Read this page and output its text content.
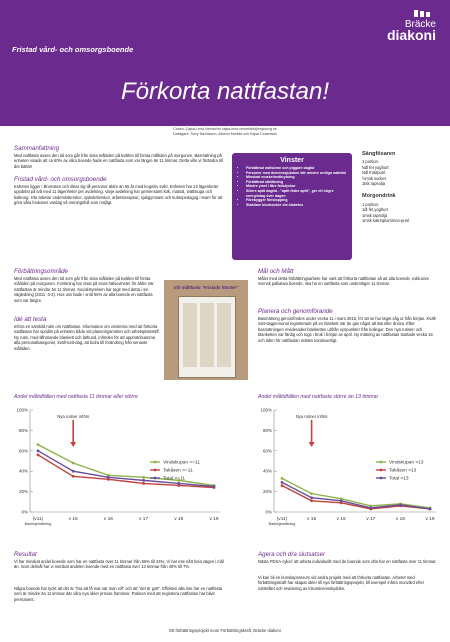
Fristad vård- och omsorgsboende
Förkorta nattfastan!
Bräcke
diakoni
Coach: Cajsa-Lena Verneklint cajsa-lena.verneklint@regionvg.se
Deltagare: Tolvy Davidsson, Alberto Marklia och Kajsa Cesarssek
Sammanfattning
Med nattfasta avses den tid som går från sista måltiden på kvällen till första måltiden på morgonen. Basmätning på enheten visade att ca 60% av våra boende hade en nattfasta som var längre än 11 timmar. Detta ville vi förändra till det bättre!
Fristad vård- och omsorgsboende
Enheten ligger i Bromsten och riktar sig till personer äldre än 65 år med kognitiv svikt. Enheten har 22 lägenheter uppdelat på två med 11 lägenheter per avdelning. Varje avdelning har gemensamt kök, matsal, tvättstuga och balkong. Här arbetar undersköterskor, sjuksköterskor, arbetsterapeut, sjukgymnast och kulturpedagog i team för att göra våra brukares vardag så meningsfull som möjligt.
Vinster
• Förbättrad nattsömn och piggare dagtid
• Personer med demenssjukdom blir mindre oroliga nattetid
• Minskad muskelnedbrytning
• Förbättrad sårläkning
• Mindre ymel i fåre fallolyckor
• Större aptit dagtid - "aptit föder aptit", ger ett högre energiintag över dagen
• Förebygger fönstopping
• Stabilare blodsocker vid diabetes
Sängfösaren
1 portion.
Ndl fet yoghurt
Ndl fruktpuré
½msk socker
1tsk rapsolja
Morgondrink
1 portion.
1dl fet yoghurt
1msk rapsolja
1msk katrinplommon-puré
Förbättringsområde
Med nattfasta avses den tid som går från sista måltiden på kvällen till första måltiden på morgonen. Forskning har visat på stora hälsovinster för äldre när nattfastan är mindre än 11 timmar. Socialstyrelsen har tagit med detta i sin vägledning (2011 -3-2). Hos oss hade i snitt 56% av alla boende en nattfasta som var längre.
Idé att testa
Införa en särskild rutin om nattfastan. Information om vinsterna med att förkorta nattfastan har spridits på enheten både vid planeringsmöten och arbetsplatsträff. Ny rutin, med tillhörande blankett och lathund, infördes för att uppmärksamma alla personalkategorier, kväll-natt-dag, att bidra till förändring från senaste måltiden.
Vår målttavla "Fristads fönster"
Mål och Mått
Målet med detta förbättringsarbete har varit att förkorta nattfastan så att alla boende, exklusive svensk palliativa boende, ska ha en nattfasta som understiger 11 timmar.
Planera och genomförande
Basmätning genomfördes under vecka 11 i mars 2015, för att se hur läget såg ut från början. Kväll-natt-dagpersonal registrerade på en blankett när de gav något att äta eller dricka. Efter basmätningen reviderades blanketten utifrån synpunkter från kollegor. Den nya rutinen och blanketten var färdig och togs i bruk i början av april. Ny mätning av nattfastan startade vecka 15 och tiden för nattfastan mättes kontinuerligt.
Andel måltidfällen med nattfasta 11 timmar eller större	Andel måltidfällen med nattfasta större än 13 timmar
0%
20%
40%
60%
80%
100%
(v11)
Baslinjemätning
v 15	v 16	v 17	v 18	v 19
Nya rutiner införs
Vindskupan >=11
Takåsen >=11
Total >=11
0%
20%
40%
60%
80%
100%
(v11)
Baslinjemätning
v 15	v 16	v 17	v 18	v 19
Nya rutiner införs
Vindskupan >13
Takåsen >13
Total >13
Resultat
Vi har minskat andel boende som har en nattfasta över 11 timmar från 56% till 24%. Vi har inte nått hela vägen i mål än. Som delmål har vi minskat andelen boende med en nattfasta över 13 timmar från 40% till 7%.
Några boende har tyckt att det är "bra att få mat när man vill" och att "det är gott". Effekten alla inte har en nattfasta som är mindre än 11 timmar där våra nya idéer prövas framöver. Rutinen med att registrera nattfastan har blivit permanent.
Agera och dra slutsatser
Nästa PDSA-cykel: att arbeta individuellt med de boende som ofta har en nattfasta över 11 timmar.
Vi kan bli en kunskapsresurs vid andra projekt med att förkorta nattfastan. Arbetet med förbättringskraft har skapat idéer till nya förbättringsprojekt, till exempel införa munvård efter nattmålet och revidering av inkontinensskydden.
Ett förbättringsprojekt inom Förbättringskraft, Bräcke diakoni
